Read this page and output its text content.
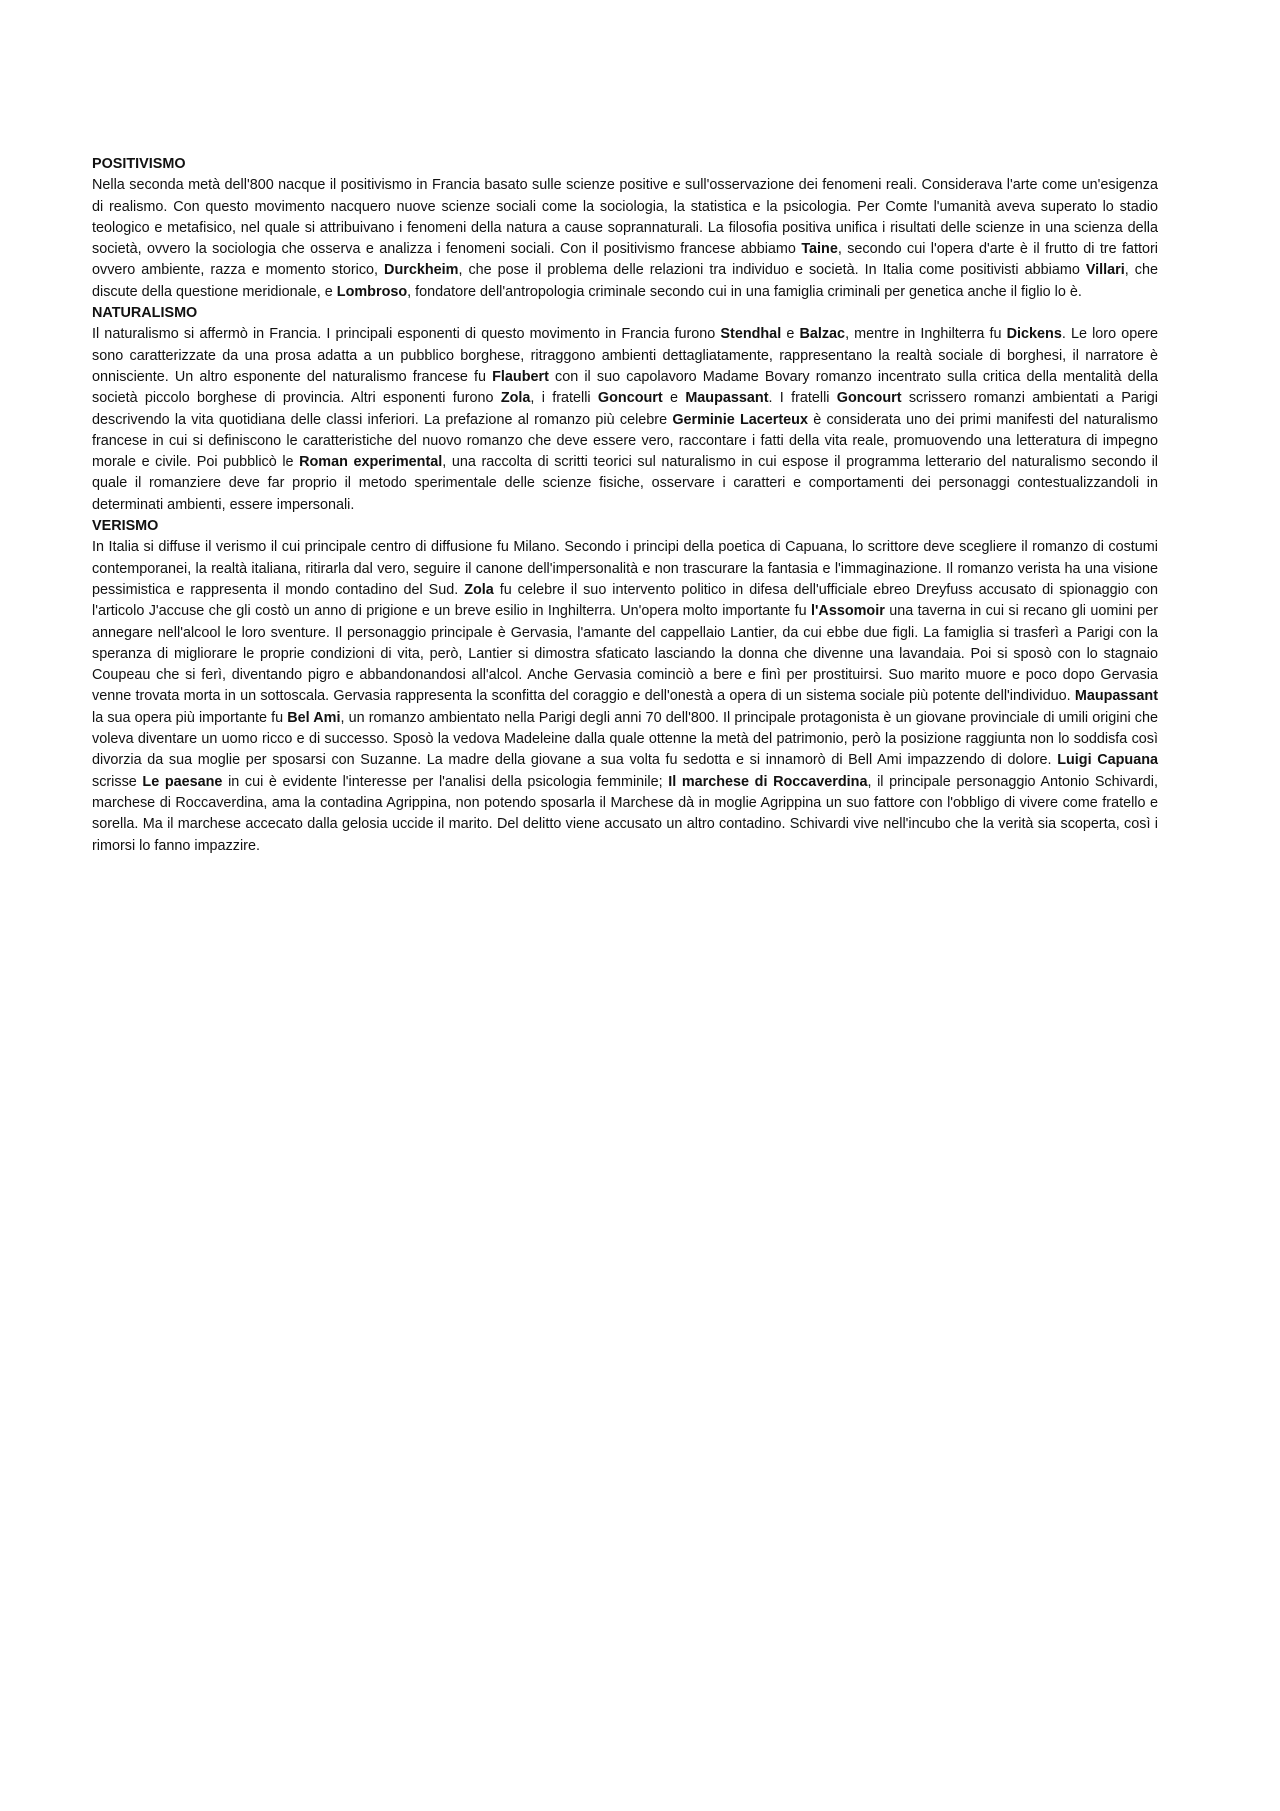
POSITIVISMO

Nella seconda metà dell'800 nacque il positivismo in Francia basato sulle scienze positive e sull'osservazione dei fenomeni reali. Considerava l'arte come un'esigenza di realismo. Con questo movimento nacquero nuove scienze sociali come la sociologia, la statistica e la psicologia. Per Comte l'umanità aveva superato lo stadio teologico e metafisico, nel quale si attribuivano i fenomeni della natura a cause soprannaturali. La filosofia positiva unifica i risultati delle scienze in una scienza della società, ovvero la sociologia che osserva e analizza i fenomeni sociali. Con il positivismo francese abbiamo Taine, secondo cui l'opera d'arte è il frutto di tre fattori ovvero ambiente, razza e momento storico, Durckheim, che pose il problema delle relazioni tra individuo e società. In Italia come positivisti abbiamo Villari, che discute della questione meridionale, e Lombroso, fondatore dell'antropologia criminale secondo cui in una famiglia criminali per genetica anche il figlio lo è.

NATURALISMO

Il naturalismo si affermò in Francia. I principali esponenti di questo movimento in Francia furono Stendhal e Balzac, mentre in Inghilterra fu Dickens. Le loro opere sono caratterizzate da una prosa adatta a un pubblico borghese, ritraggono ambienti dettagliatamente, rappresentano la realtà sociale di borghesi, il narratore è onnisciente. Un altro esponente del naturalismo francese fu Flaubert con il suo capolavoro Madame Bovary romanzo incentrato sulla critica della mentalità della società piccolo borghese di provincia. Altri esponenti furono Zola, i fratelli Goncourt e Maupassant. I fratelli Goncourt scrissero romanzi ambientati a Parigi descrivendo la vita quotidiana delle classi inferiori. La prefazione al romanzo più celebre Germinie Lacerteux è considerata uno dei primi manifesti del naturalismo francese in cui si definiscono le caratteristiche del nuovo romanzo che deve essere vero, raccontare i fatti della vita reale, promuovendo una letteratura di impegno morale e civile. Poi pubblicò le Roman experimental, una raccolta di scritti teorici sul naturalismo in cui espose il programma letterario del naturalismo secondo il quale il romanziere deve far proprio il metodo sperimentale delle scienze fisiche, osservare i caratteri e comportamenti dei personaggi contestualizzandoli in determinati ambienti, essere impersonali.

VERISMO

In Italia si diffuse il verismo il cui principale centro di diffusione fu Milano. Secondo i principi della poetica di Capuana, lo scrittore deve scegliere il romanzo di costumi contemporanei, la realtà italiana, ritirarla dal vero, seguire il canone dell'impersonalità e non trascurare la fantasia e l'immaginazione. Il romanzo verista ha una visione pessimistica e rappresenta il mondo contadino del Sud. Zola fu celebre il suo intervento politico in difesa dell'ufficiale ebreo Dreyfuss accusato di spionaggio con l'articolo J'accuse che gli costò un anno di prigione e un breve esilio in Inghilterra. Un'opera molto importante fu l'Assomoir una taverna in cui si recano gli uomini per annegare nell'alcool le loro sventure. Il personaggio principale è Gervasia, l'amante del cappellaio Lantier, da cui ebbe due figli. La famiglia si trasferì a Parigi con la speranza di migliorare le proprie condizioni di vita, però, Lantier si dimostra sfaticato lasciando la donna che divenne una lavandaia. Poi si sposò con lo stagnaio Coupeau che si ferì, diventando pigro e abbandonandosi all'alcol. Anche Gervasia cominciò a bere e finì per prostituirsi. Suo marito muore e poco dopo Gervasia venne trovata morta in un sottoscala. Gervasia rappresenta la sconfitta del coraggio e dell'onestà a opera di un sistema sociale più potente dell'individuo. Maupassant la sua opera più importante fu Bel Ami, un romanzo ambientato nella Parigi degli anni 70 dell'800. Il principale protagonista è un giovane provinciale di umili origini che voleva diventare un uomo ricco e di successo. Sposò la vedova Madeleine dalla quale ottenne la metà del patrimonio, però la posizione raggiunta non lo soddisfa così divorzia da sua moglie per sposarsi con Suzanne. La madre della giovane a sua volta fu sedotta e si innamorò di Bell Ami impazzendo di dolore. Luigi Capuana scrisse Le paesane in cui è evidente l'interesse per l'analisi della psicologia femminile; Il marchese di Roccaverdina, il principale personaggio Antonio Schivardi, marchese di Roccaverdina, ama la contadina Agrippina, non potendo sposarla il Marchese dà in moglie Agrippina un suo fattore con l'obbligo di vivere come fratello e sorella. Ma il marchese accecato dalla gelosia uccide il marito. Del delitto viene accusato un altro contadino. Schivardi vive nell'incubo che la verità sia scoperta, così i rimorsi lo fanno impazzire.
